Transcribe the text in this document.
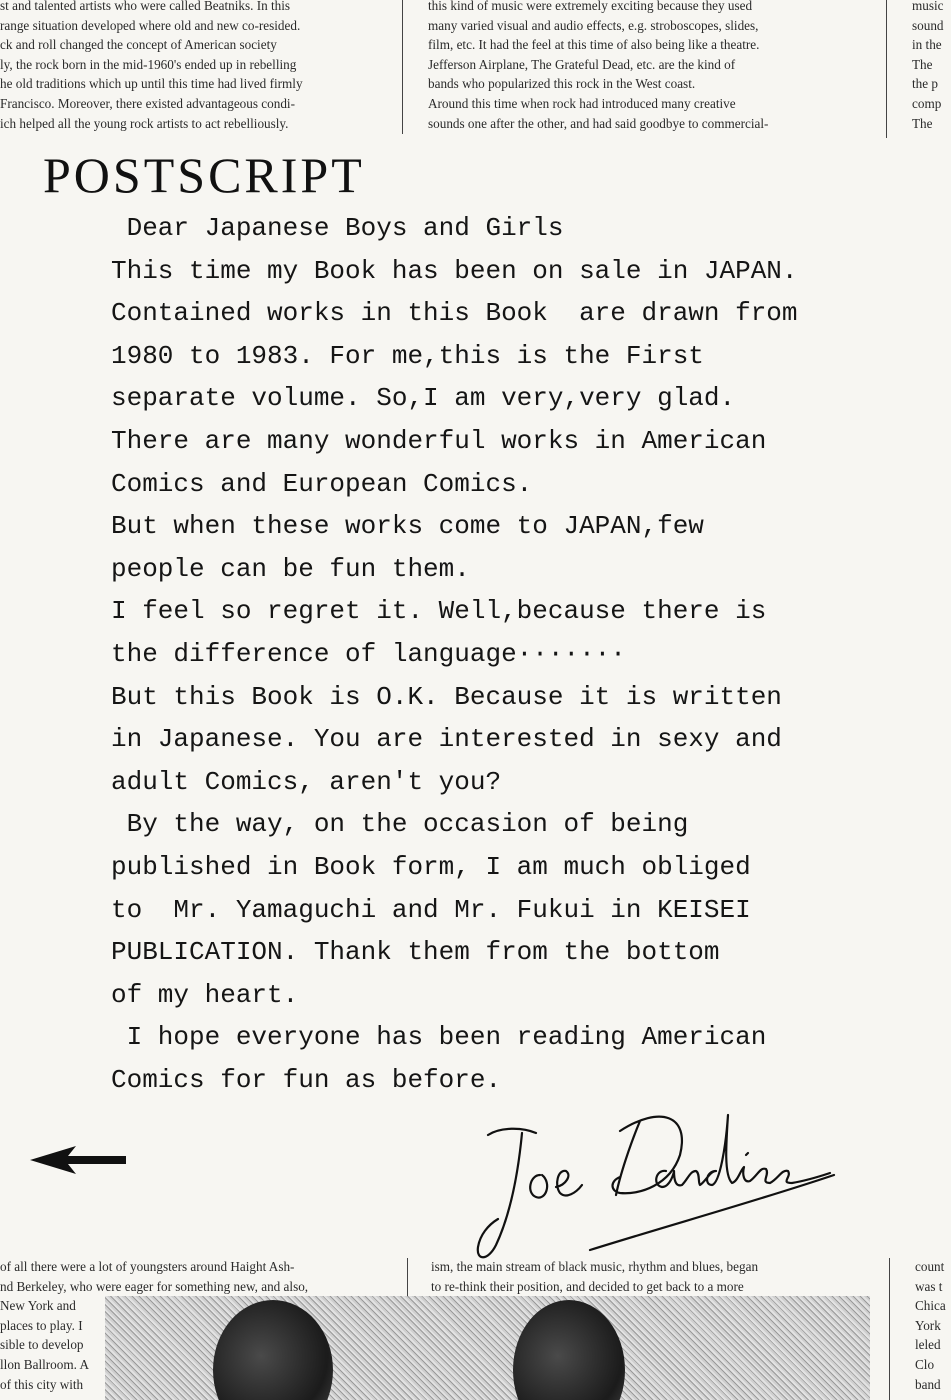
st and talented artists who were called Beatniks. In this
range situation developed where old and new co-resided.
ck and roll changed the concept of American society
ly, the rock born in the mid-1960's ended up in rebelling
he old traditions which up until this time had lived firmly
Francisco. Moreover, there existed advantageous condi-
ich helped all the young rock artists to act rebelliously.
this kind of music were extremely exciting because they used
many varied visual and audio effects, e.g. stroboscopes, slides,
film, etc. It had the feel at this time of also being like a theatre.
Jefferson Airplane, The Grateful Dead, etc. are the kind of
bands who popularized this rock in the West coast.
Around this time when rock had introduced many creative
sounds one after the other, and had said goodbye to commercial-
music
sound
in the
The
the p
comp
The
POSTSCRIPT
Dear Japanese Boys and Girls
This time my Book has been on sale in JAPAN.
Contained works in this Book  are drawn from
1980 to 1983. For me,this is the First
separate volume. So,I am very,very glad.
There are many wonderful works in American
Comics and European Comics.
But when these works come to JAPAN,few
people can be fun them.
I feel so regret it. Well,because there is
the difference of language·······
But this Book is O.K. Because it is written
in Japanese. You are interested in sexy and
adult Comics, aren't you?
By the way, on the occasion of being
published in Book form, I am much obliged
to  Mr. Yamaguchi and Mr. Fukui in KEISEI
PUBLICATION. Thank them from the bottom
of my heart.
I hope everyone has been reading American
Comics for fun as before.
of all there were a lot of youngsters around Haight Ash-
nd Berkeley, who were eager for something new, and also,
New York and
places to play. I
sible to develop
llon Ballroom. A
of this city with
ism, the main stream of black music, rhythm and blues, began
to re-think their position, and decided to get back to a more
count
was t
Chica
York
leled
Clo
band
